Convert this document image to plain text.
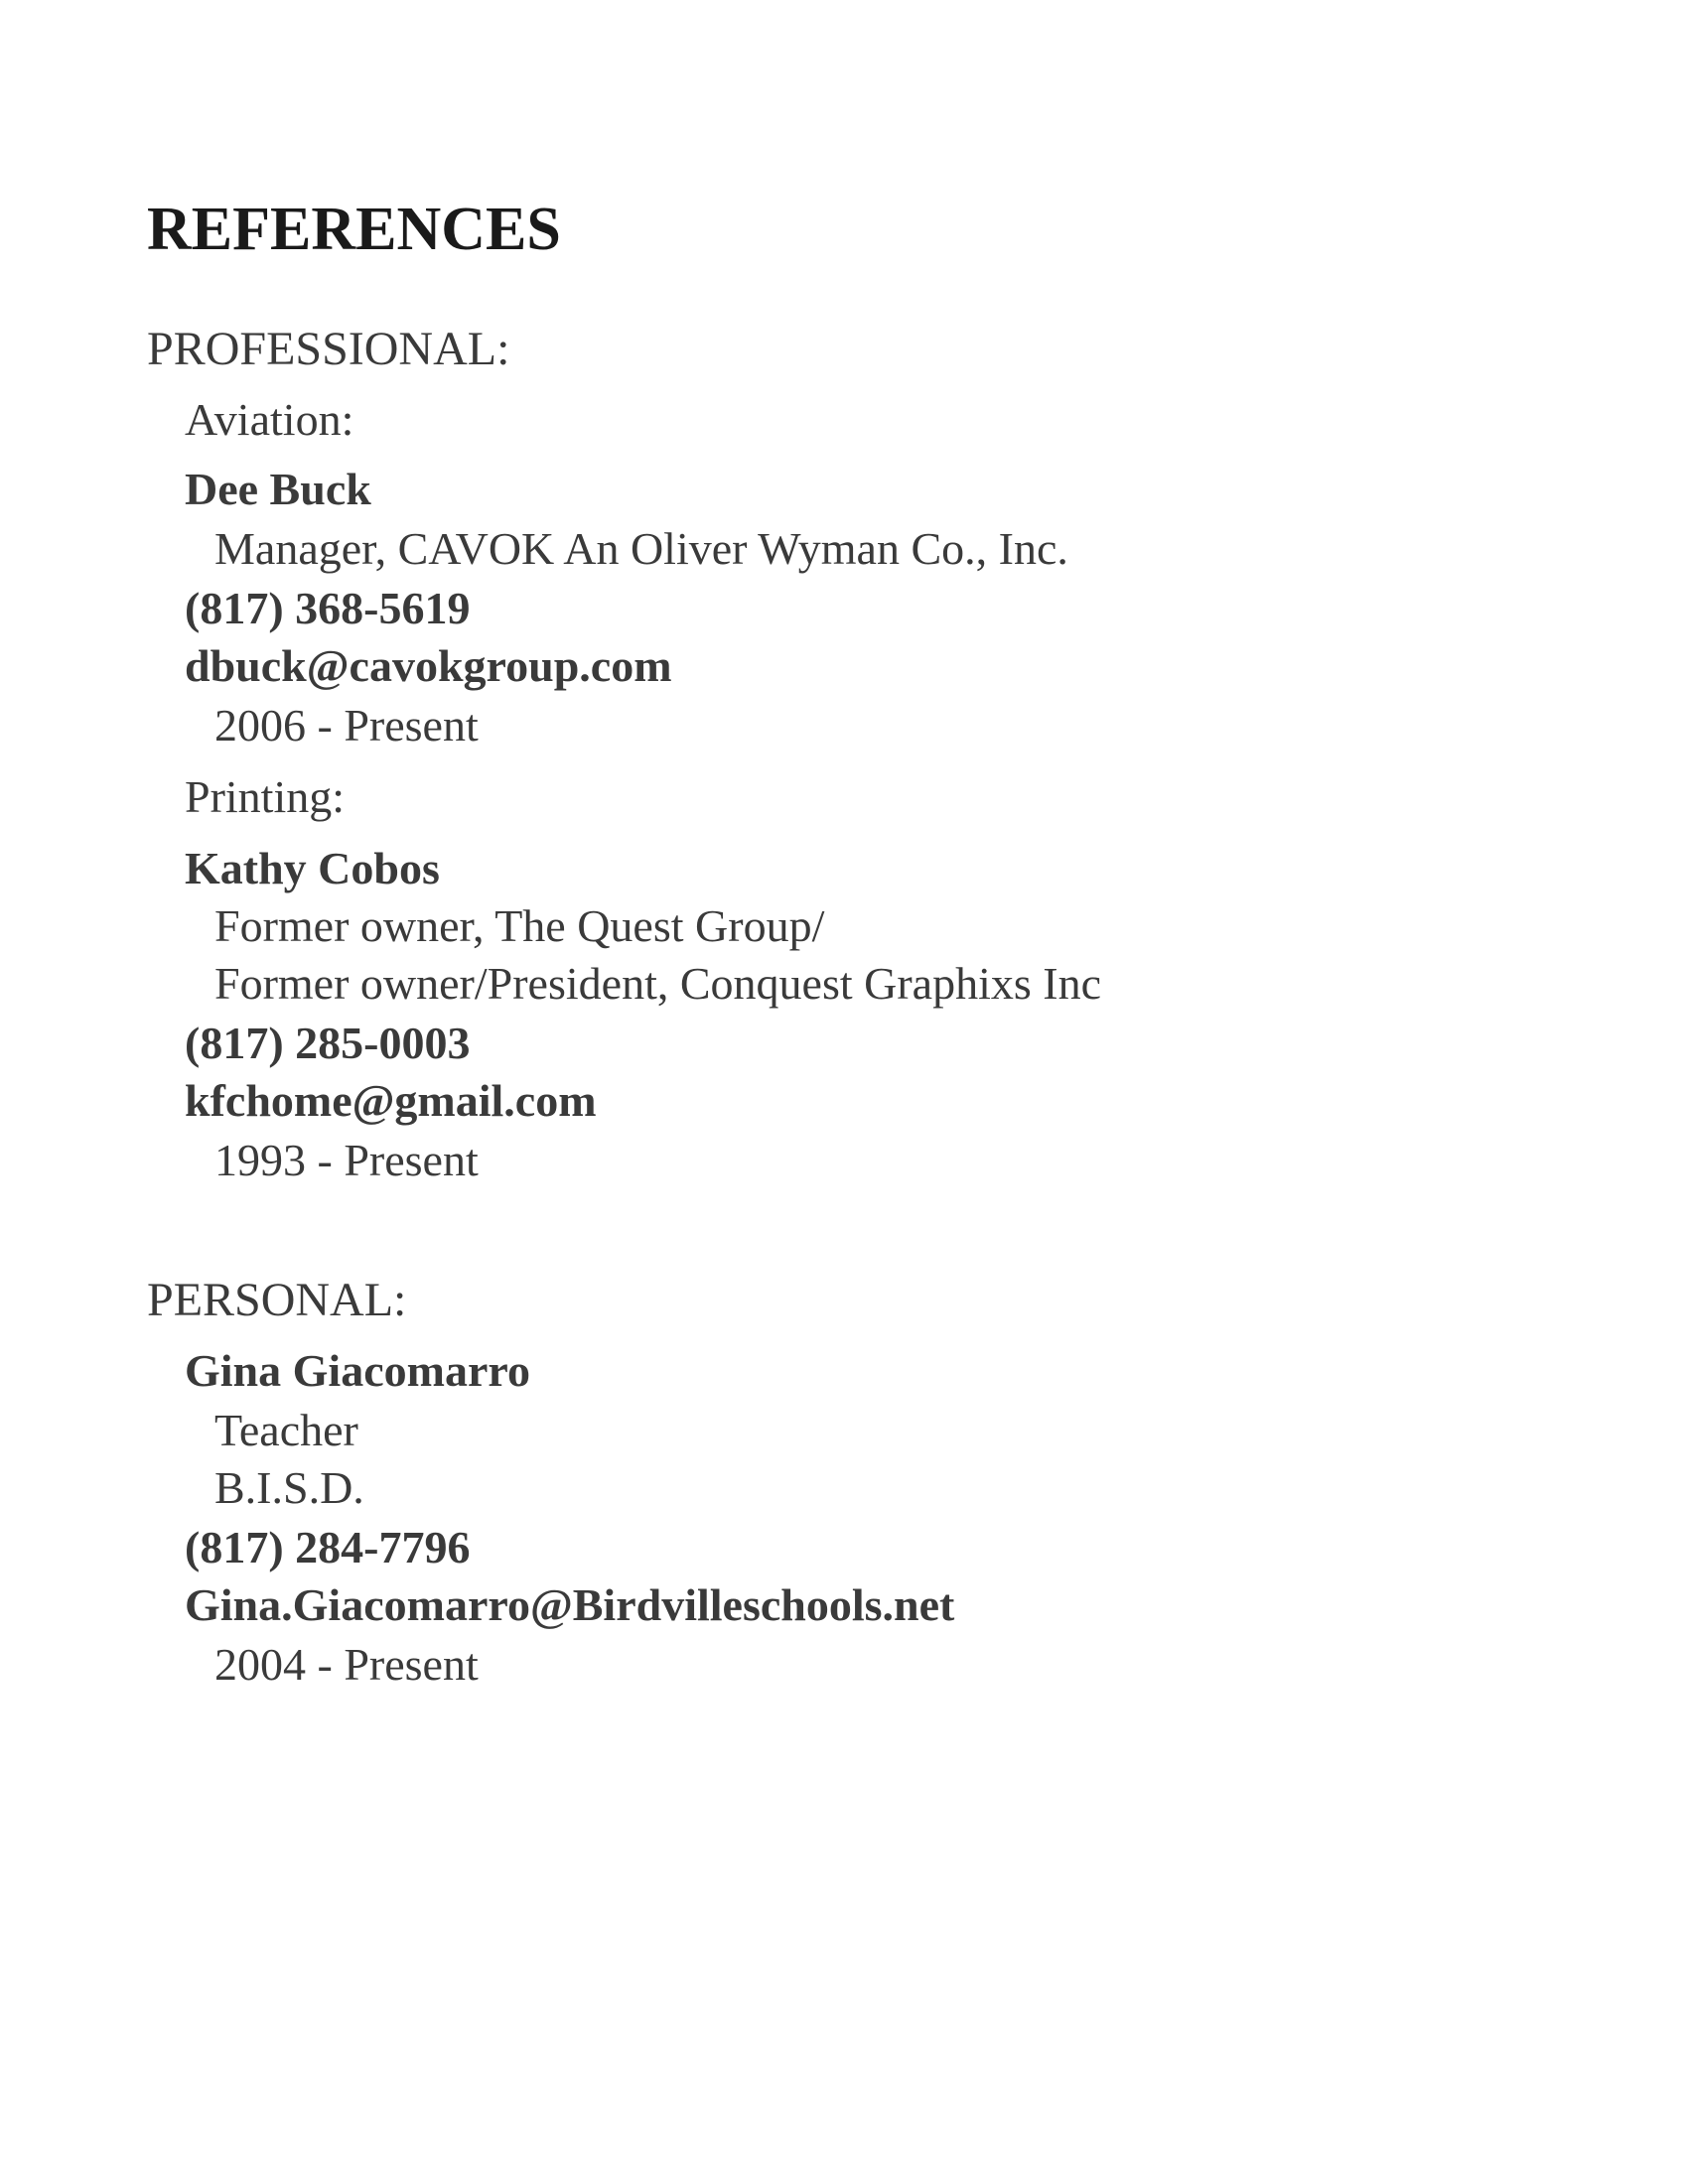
REFERENCES
PROFESSIONAL:
Aviation:
Dee Buck
Manager, CAVOK An Oliver Wyman Co., Inc.
(817) 368-5619
dbuck@cavokgroup.com
2006 - Present
Printing:
Kathy Cobos
Former owner, The Quest Group/
Former owner/President, Conquest Graphixs Inc
(817) 285-0003
kfchome@gmail.com
1993 - Present
PERSONAL:
Gina Giacomarro
Teacher
B.I.S.D.
(817) 284-7796
Gina.Giacomarro@Birdvilleschools.net
2004 - Present
